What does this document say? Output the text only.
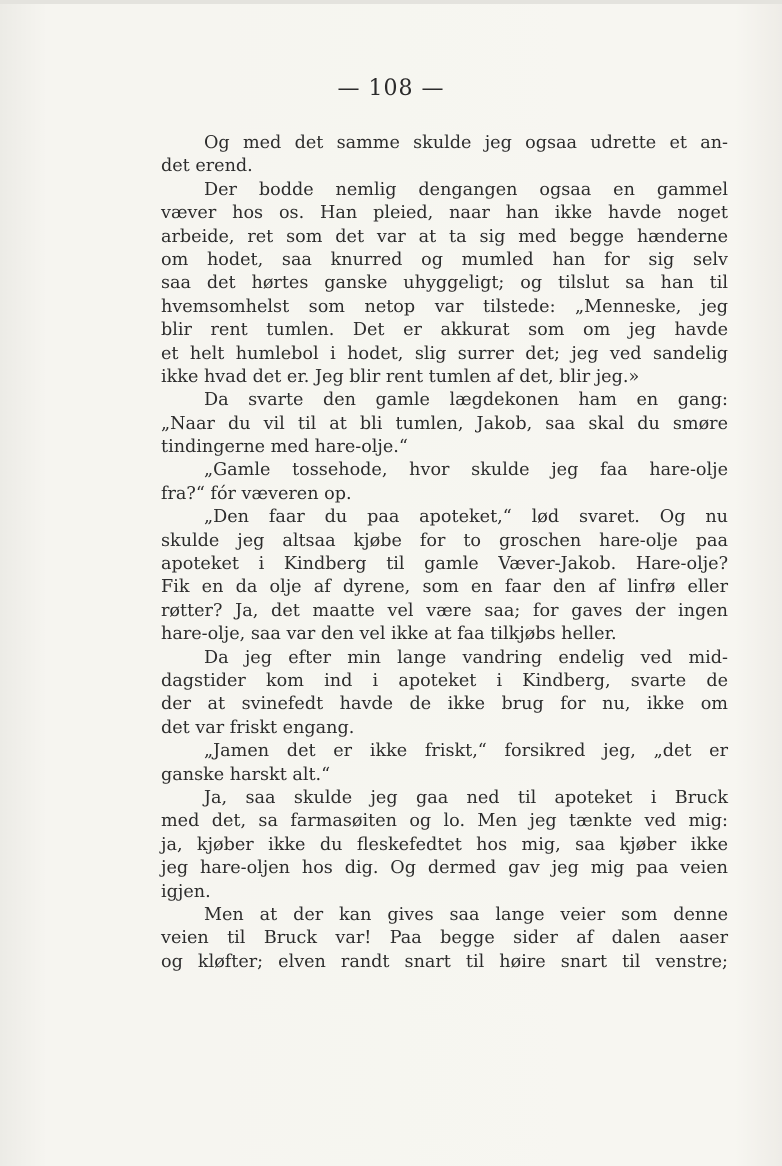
— 108 —
Og med det samme skulde jeg ogsaa udrette et an-
det erend.
Der bodde nemlig dengangen ogsaa en gammel
væver hos os. Han pleied, naar han ikke havde noget
arbeide, ret som det var at ta sig med begge hænderne
om hodet, saa knurred og mumled han for sig selv
saa det hørtes ganske uhyggeligt; og tilslut sa han til
hvemsomhelst som netop var tilstede: „Menneske, jeg
blir rent tumlen. Det er akkurat som om jeg havde
et helt humlebol i hodet, slig surrer det; jeg ved sandelig
ikke hvad det er. Jeg blir rent tumlen af det, blir jeg.»
Da svarte den gamle lægdekonen ham en gang:
„Naar du vil til at bli tumlen, Jakob, saa skal du smøre
tindingerne med hare-olje.“
„Gamle tossehode, hvor skulde jeg faa hare-olje
fra?“ fór væveren op.
„Den faar du paa apoteket,“ lød svaret. Og nu
skulde jeg altsaa kjøbe for to groschen hare-olje paa
apoteket i Kindberg til gamle Væver-Jakob. Hare-olje?
Fik en da olje af dyrene, som en faar den af linfrø eller
røtter? Ja, det maatte vel være saa; for gaves der ingen
hare-olje, saa var den vel ikke at faa tilkjøbs heller.
Da jeg efter min lange vandring endelig ved mid-
dagstider kom ind i apoteket i Kindberg, svarte de
der at svinefedt havde de ikke brug for nu, ikke om
det var friskt engang.
„Jamen det er ikke friskt,“ forsikred jeg, „det er
ganske harskt alt.“
Ja, saa skulde jeg gaa ned til apoteket i Bruck
med det, sa farmasøiten og lo. Men jeg tænkte ved mig:
ja, kjøber ikke du fleskefedtet hos mig, saa kjøber ikke
jeg hare-oljen hos dig. Og dermed gav jeg mig paa veien
igjen.
Men at der kan gives saa lange veier som denne
veien til Bruck var! Paa begge sider af dalen aaser
og kløfter; elven randt snart til høire snart til venstre;
